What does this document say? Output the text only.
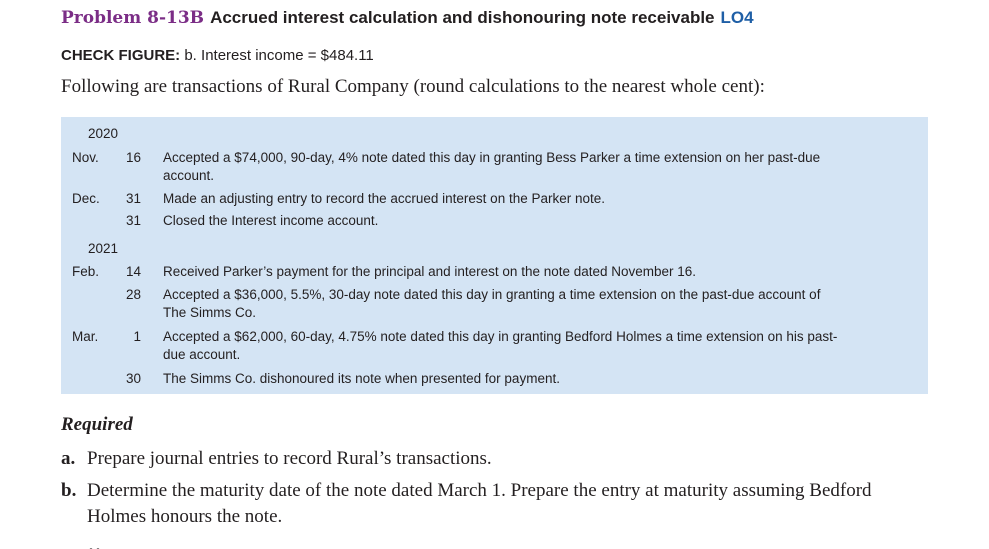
Problem 8-13B Accrued interest calculation and dishonouring note receivable LO4
CHECK FIGURE: b. Interest income = $484.11
Following are transactions of Rural Company (round calculations to the nearest whole cent):
2020
Nov.	16 Accepted a $74,000, 90-day, 4% note dated this day in granting Bess Parker a time extension on her past-due
account.
Dec.	31 Made an adjusting entry to record the accrued interest on the Parker note.
31 Closed the Interest income account.
2021
Feb.	14 Received Parker’s payment for the principal and interest on the note dated November 16.
28 Accepted a $36,000, 5.5%, 30-day note dated this day in granting a time extension on the past-due account of
The Simms Co.
Mar.	1 Accepted a $62,000, 60-day, 4.75% note dated this day in granting Bedford Holmes a time extension on his past-
due account.
30 The Simms Co. dishonoured its note when presented for payment.
Required
a. Prepare journal entries to record Rural’s transactions.
b. Determine the maturity date of the note dated March 1. Prepare the entry at maturity assuming Bedford
Holmes honours the note.
